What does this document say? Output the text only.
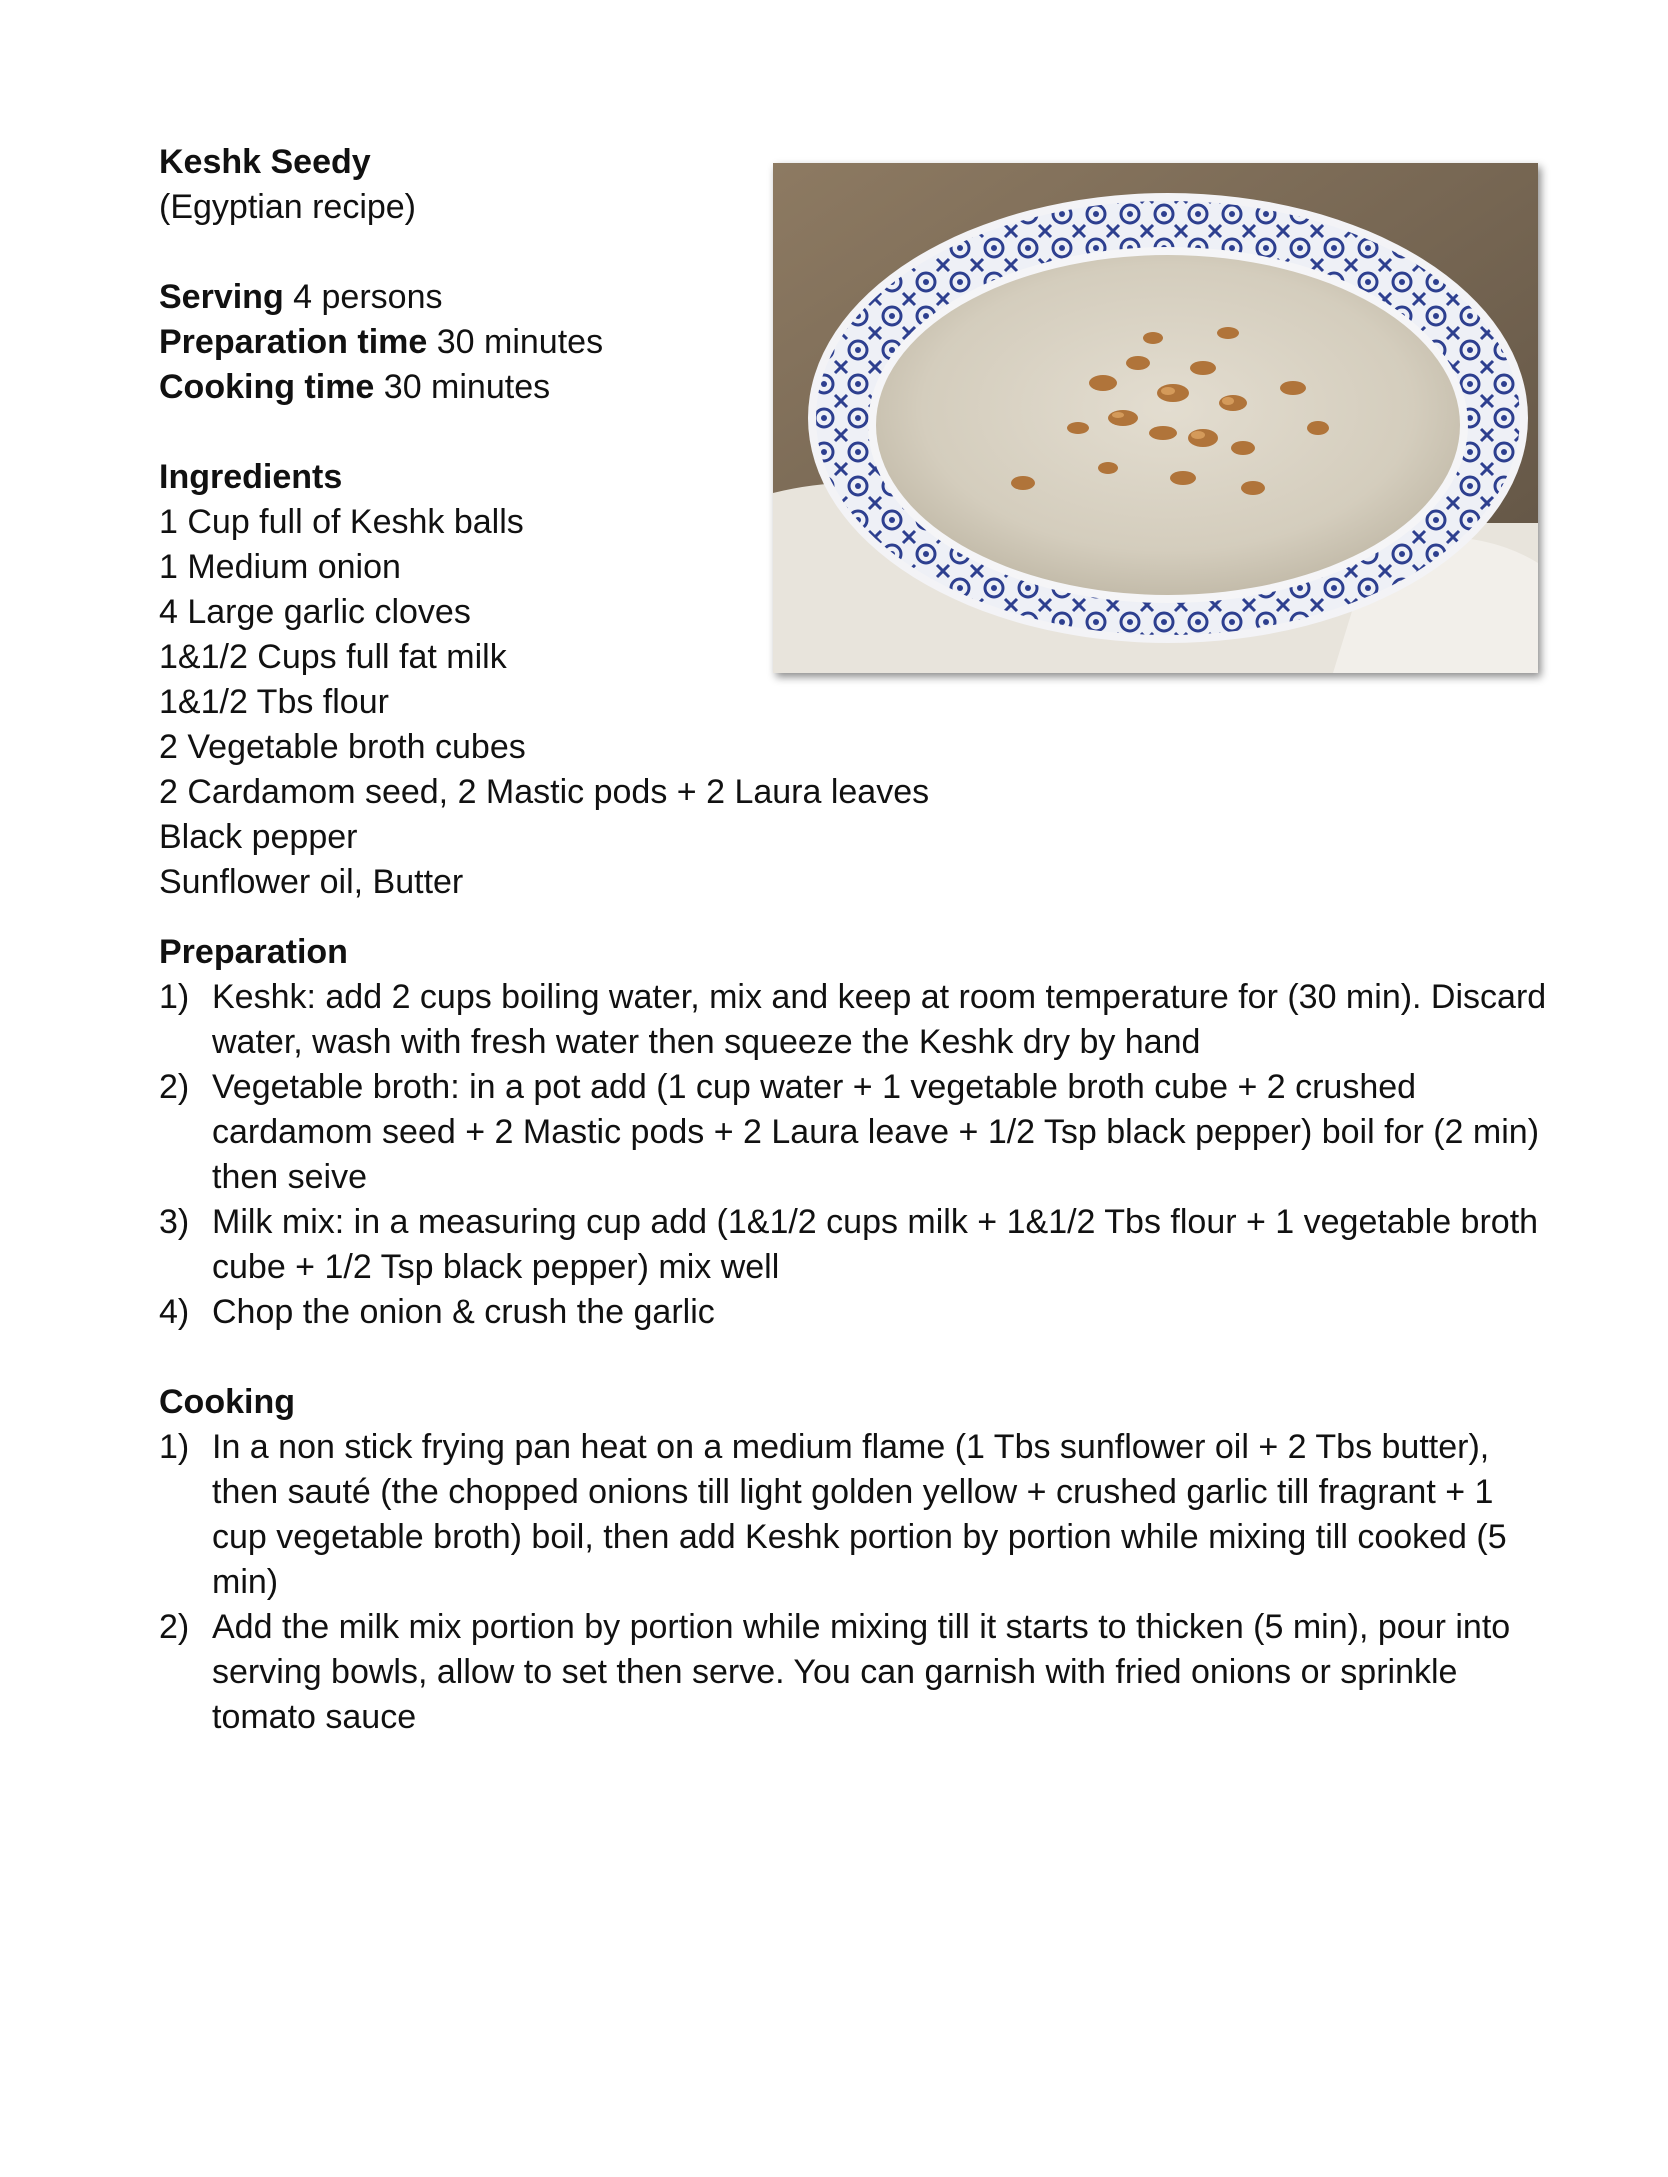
Keshk Seedy
(Egyptian recipe)
Serving 4 persons
Preparation time 30 minutes
Cooking time 30 minutes
Ingredients
1 Cup full of Keshk balls
1 Medium onion
4 Large garlic cloves
1&1/2 Cups full fat milk
1&1/2 Tbs flour
2 Vegetable broth cubes
2 Cardamom seed, 2 Mastic pods + 2 Laura leaves
Black pepper
Sunflower oil, Butter
Preparation
1) Keshk: add 2 cups boiling water, mix and keep at room temperature for (30 min). Discard water, wash with fresh water then squeeze the Keshk dry by hand
2) Vegetable broth: in a pot add (1 cup water + 1 vegetable broth cube + 2 crushed cardamom seed + 2 Mastic pods + 2 Laura leave + 1/2 Tsp black pepper) boil for (2 min) then seive
3) Milk mix: in a measuring cup add (1&1/2 cups milk + 1&1/2 Tbs flour + 1 vegetable broth cube + 1/2 Tsp black pepper) mix well
4) Chop the onion & crush the garlic
Cooking
1) In a non stick frying pan heat on a medium flame (1 Tbs sunflower oil + 2 Tbs butter), then sauté (the chopped onions till light golden yellow + crushed garlic till fragrant + 1 cup vegetable broth) boil, then add Keshk portion by portion while mixing till cooked (5 min)
2) Add the milk mix portion by portion while mixing till it starts to thicken (5 min), pour into serving bowls, allow to set then serve. You can garnish with fried onions or sprinkle tomato sauce
